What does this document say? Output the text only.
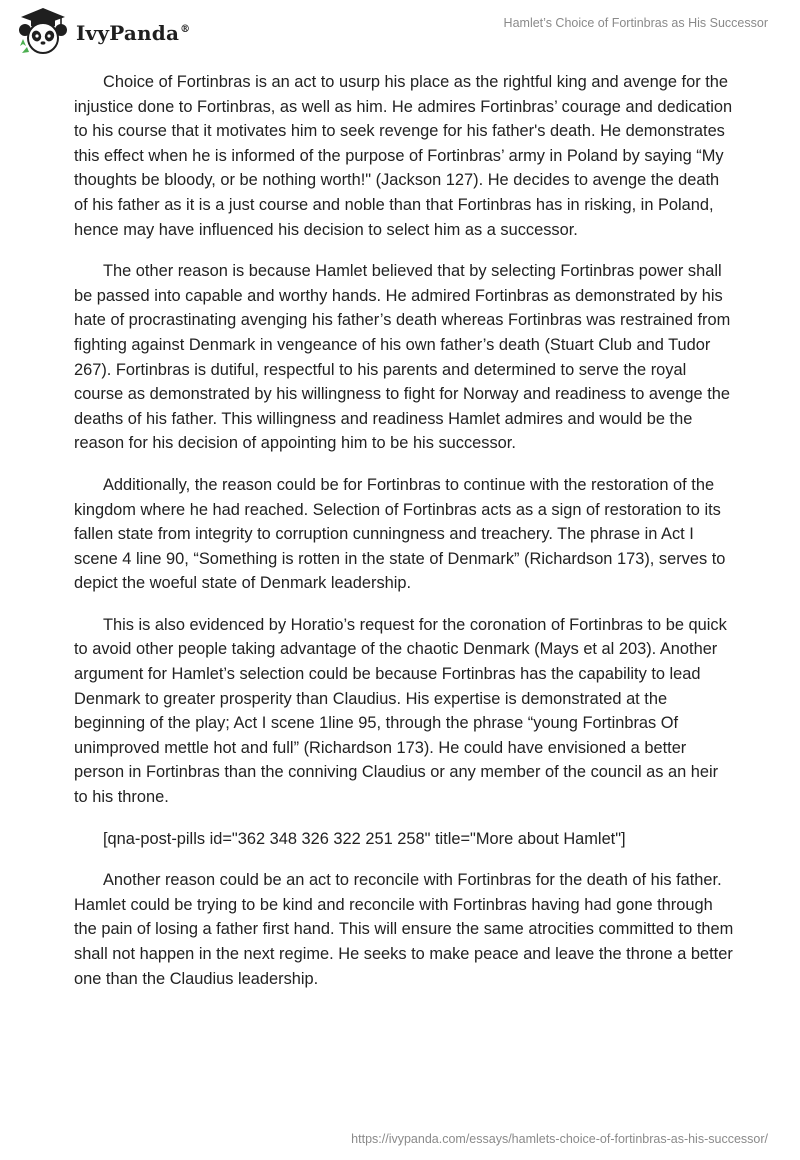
IvyPanda®	Hamlet’s Choice of Fortinbras as His Successor

Choice of Fortinbras is an act to usurp his place as the rightful king and avenge for the injustice done to Fortinbras, as well as him. He admires Fortinbras’ courage and dedication to his course that it motivates him to seek revenge for his father's death. He demonstrates this effect when he is informed of the purpose of Fortinbras’ army in Poland by saying “My thoughts be bloody, or be nothing worth!" (Jackson 127). He decides to avenge the death of his father as it is a just course and noble than that Fortinbras has in risking, in Poland, hence may have influenced his decision to select him as a successor.

The other reason is because Hamlet believed that by selecting Fortinbras power shall be passed into capable and worthy hands. He admired Fortinbras as demonstrated by his hate of procrastinating avenging his father’s death whereas Fortinbras was restrained from fighting against Denmark in vengeance of his own father’s death (Stuart Club and Tudor 267). Fortinbras is dutiful, respectful to his parents and determined to serve the royal course as demonstrated by his willingness to fight for Norway and readiness to avenge the deaths of his father. This willingness and readiness Hamlet admires and would be the reason for his decision of appointing him to be his successor.

Additionally, the reason could be for Fortinbras to continue with the restoration of the kingdom where he had reached. Selection of Fortinbras acts as a sign of restoration to its fallen state from integrity to corruption cunningness and treachery. The phrase in Act I scene 4 line 90, “Something is rotten in the state of Denmark” (Richardson 173), serves to depict the woeful state of Denmark leadership.

This is also evidenced by Horatio’s request for the coronation of Fortinbras to be quick to avoid other people taking advantage of the chaotic Denmark (Mays et al 203). Another argument for Hamlet’s selection could be because Fortinbras has the capability to lead Denmark to greater prosperity than Claudius. His expertise is demonstrated at the beginning of the play; Act I scene 1line 95, through the phrase “young Fortinbras Of unimproved mettle hot and full” (Richardson 173). He could have envisioned a better person in Fortinbras than the conniving Claudius or any member of the council as an heir to his throne.

[qna-post-pills id="362 348 326 322 251 258" title="More about Hamlet"]

Another reason could be an act to reconcile with Fortinbras for the death of his father. Hamlet could be trying to be kind and reconcile with Fortinbras having had gone through the pain of losing a father first hand. This will ensure the same atrocities committed to them shall not happen in the next regime. He seeks to make peace and leave the throne a better one than the Claudius leadership.

https://ivypanda.com/essays/hamlets-choice-of-fortinbras-as-his-successor/
